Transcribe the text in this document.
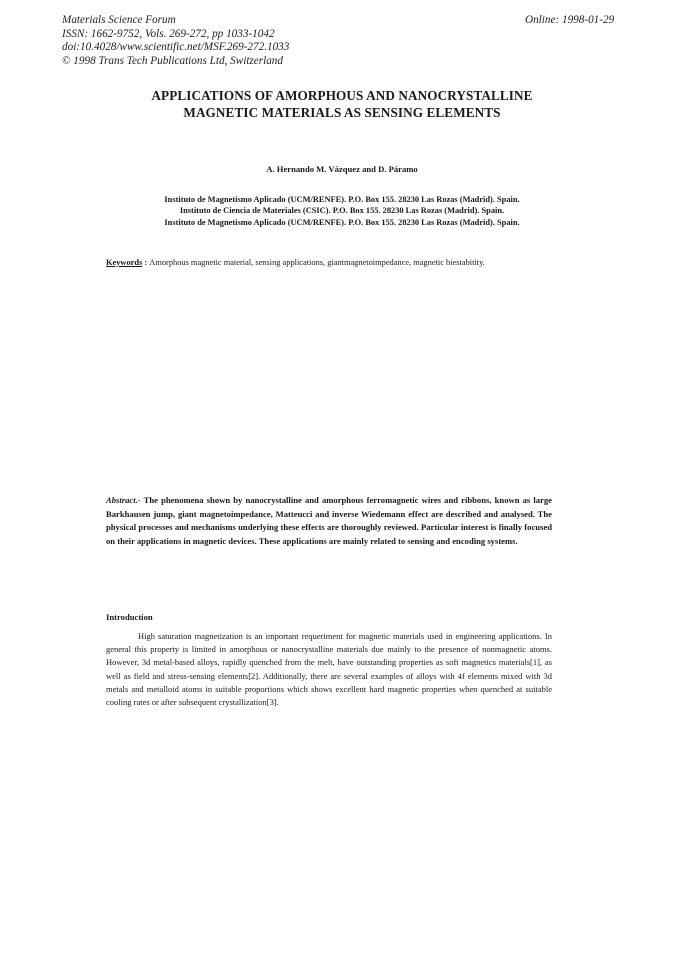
Materials Science Forum
ISSN: 1662-9752, Vols. 269-272, pp 1033-1042
doi:10.4028/www.scientific.net/MSF.269-272.1033
© 1998 Trans Tech Publications Ltd, Switzerland
Online: 1998-01-29
APPLICATIONS OF AMORPHOUS AND NANOCRYSTALLINE
MAGNETIC MATERIALS AS SENSING ELEMENTS
A. Hernando M. Vázquez and D. Páramo
Instituto de Magnetismo Aplicado (UCM/RENFE). P.O. Box 155. 28230 Las Rozas (Madrid). Spain.
Instituto de Ciencia de Materiales (CSIC). P.O. Box 155. 28230 Las Rozas (Madrid). Spain.
Instituto de Magnetismo Aplicado (UCM/RENFE). P.O. Box 155. 28230 Las Rozas (Madrid). Spain.
Keywords : Amorphous magnetic material, sensing applications, giantmagnetoimpedance, magnetic biestabitity.
Abstract.- The phenomena shown by nanocrystalline and amorphous ferromagnetic wires and ribbons, known as large Barkhausen jump, giant magnetoimpedance, Matteucci and inverse Wiedemann effect are described and analysed. The physical processes and mechanisms underlying these effects are thoroughly reviewed. Particular interest is finally focused on their applications in magnetic devices. These applications are mainly related to sensing and encoding systems.
Introduction
High saturation magnetization is an important requeriment for magnetic materials used in engineering applications. In general this property is limited in amorphous or nanocrystalline materials due mainly to the presence of nonmagnetic atoms. However, 3d metal-based alloys, rapidly quenched from the melt, have outstanding properties as soft magnetics materials[1], as well as field and stress-sensing elements[2]. Additionally, there are several examples of alloys with 4f elements mixed with 3d metals and metalloid atoms in suitable proportions which shows excellent hard magnetic properties when quenched at suitable cooling rates or after subsequent crystallization[3].
